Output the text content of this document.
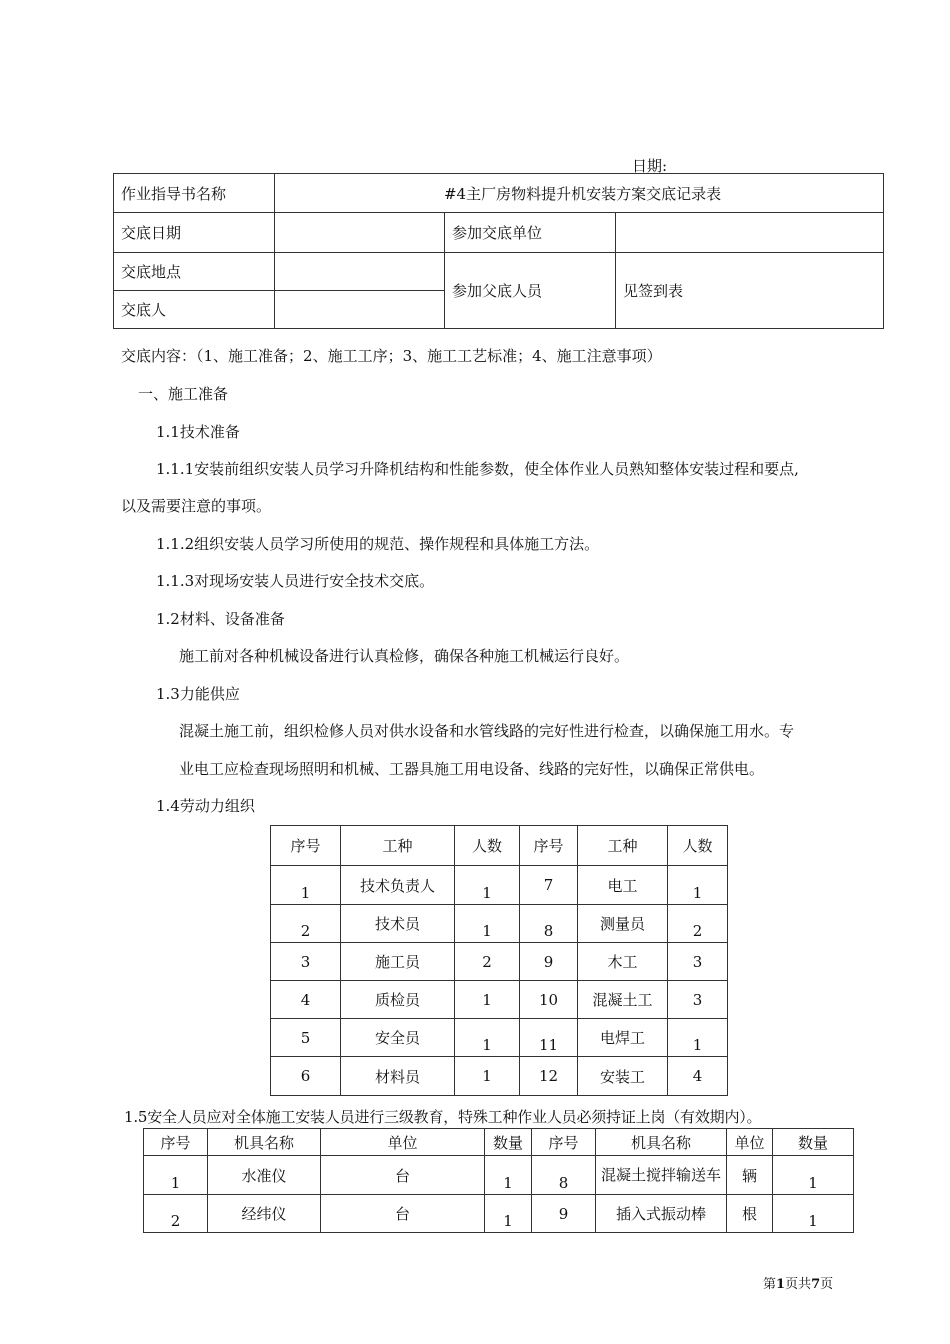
日期:
作业指导书名称	#4主厂房物料提升机安装方案交底记录表		
交底日期		参加交底单位	
交底地点		参加父底人员	见签到表
交底人			
交底内容：（1、施工准备；2、施工工序；3、施工工艺标准；4、施工注意事项）
一、施工准备
1.1技术准备
1.1.1安装前组织安装人员学习升降机结构和性能参数，使全体作业人员熟知整体安装过程和要点,
以及需要注意的事项。
1.1.2组织安装人员学习所使用的规范、操作规程和具体施工方法。
1.1.3对现场安装人员进行安全技术交底。
1.2材料、设备准备
施工前对各种机械设备进行认真检修，确保各种施工机械运行良好。
1.3力能供应
混凝土施工前，组织检修人员对供水设备和水管线路的完好性进行检查，以确保施工用水。专
业电工应检查现场照明和机械、工器具施工用电设备、线路的完好性，以确保正常供电。
1.4劳动力组织
序号	工种	人数	序号	工种	人数
1	技术负责人	1	7	电工	1
2	技术员	1	8	测量员	2
3	施工员	2	9	木工	3
4	质检员	1	10	混凝土工	3
5	安全员	1	11	电焊工	1
6	材料员	1	12	安装工	4
1.5安全人员应对全体施工安装人员进行三级教育，特殊工种作业人员必须持证上岗（有效期内）。
序号	机具名称	单位	数量	序号	机具名称	单位	数量
1	水准仪	台	1	8	混凝土搅拌输送车	辆	1
2	经纬仪	台	1	9	插入式振动棒	根	1
第1页共7页
